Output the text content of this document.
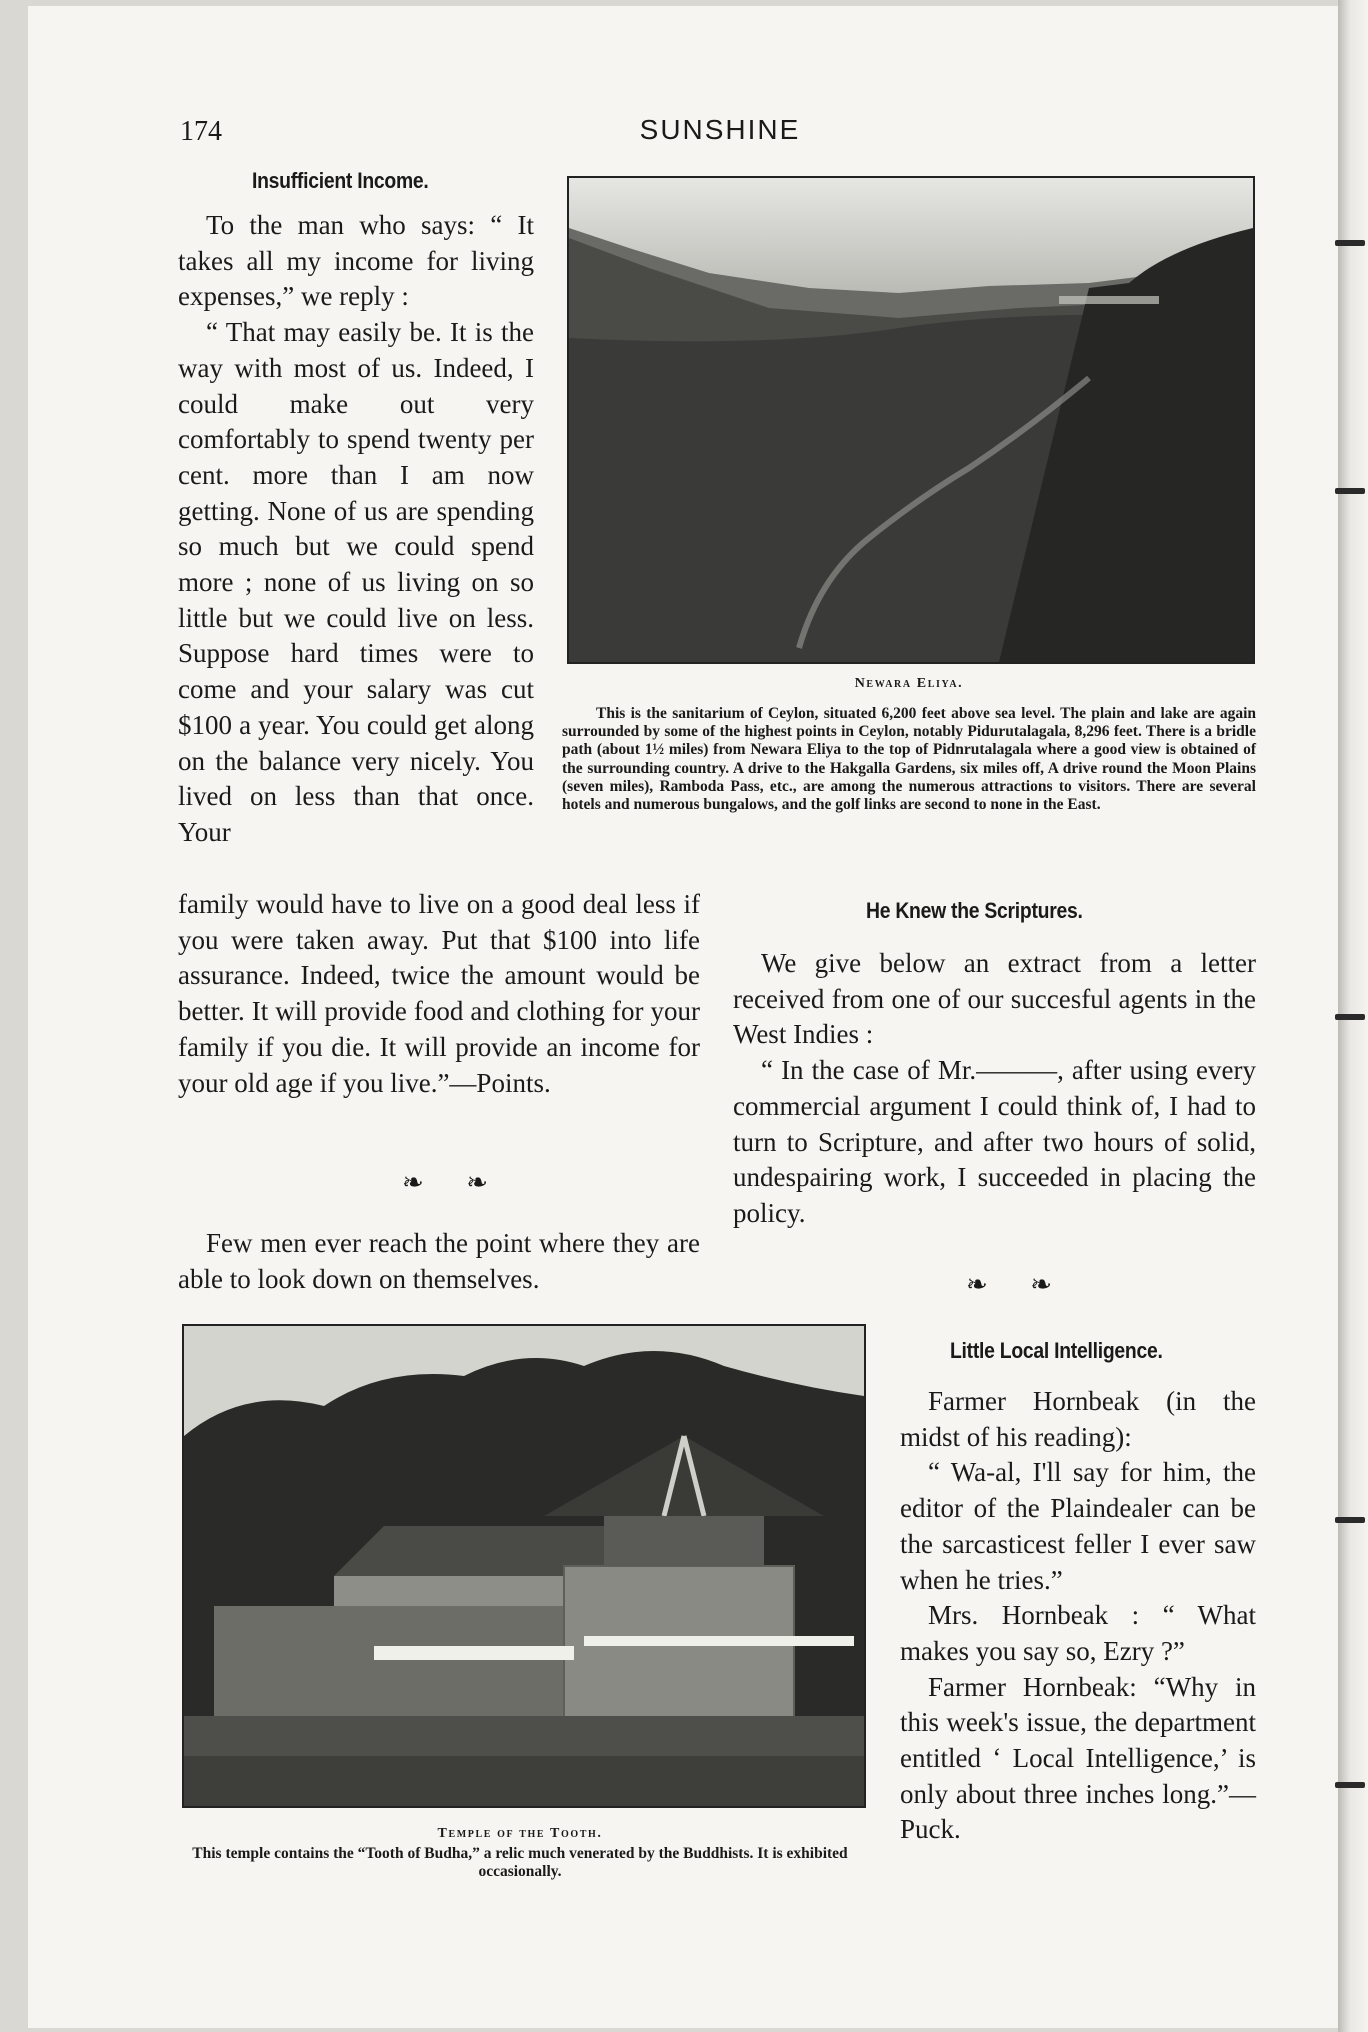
174	SUNSHINE
Insufficient Income.

To the man who says: “ It takes all my income for living expenses,” we reply :

“ That may easily be. It is the way with most of us. Indeed, I could make out very comfortably to spend twenty per cent. more than I am now getting. None of us are spending so much but we could spend more ; none of us living on so little but we could live on less. Suppose hard times were to come and your salary was cut $100 a year. You could get along on the balance very nicely. You lived on less than that once. Your

family would have to live on a good deal less if you were taken away. Put that $100 into life assurance. Indeed, twice the amount would be better. It will provide food and clothing for your family if you die. It will provide an income for your old age if you live.”—Points.

❧ ❧

Few men ever reach the point where they are able to look down on themselves.

Newara Eliya.
This is the sanitarium of Ceylon, situated 6,200 feet above sea level. The plain and lake are again surrounded by some of the highest points in Ceylon, notably Pidurutalagala, 8,296 feet. There is a bridle path (about 1½ miles) from Newara Eliya to the top of Pidnrutalagala where a good view is obtained of the surrounding country. A drive to the Hakgalla Gardens, six miles off, A drive round the Moon Plains (seven miles), Ramboda Pass, etc., are among the numerous attractions to visitors. There are several hotels and numerous bungalows, and the golf links are second to none in the East.
He Knew the Scriptures.

We give below an extract from a letter received from one of our succesful agents in the West Indies :

“ In the case of Mr.———, after using every commercial argument I could think of, I had to turn to Scripture, and after two hours of solid, undespairing work, I succeeded in placing the policy.

❧ ❧
Temple of the Tooth.
This temple contains the “Tooth of Budha,” a relic much venerated by the Buddhists. It is exhibited occasionally.
Little Local Intelligence.

Farmer Hornbeak (in the midst of his reading):

“ Wa-al, I'll say for him, the editor of the Plaindealer can be the sarcasticest feller I ever saw when he tries.”

Mrs. Hornbeak : “ What makes you say so, Ezry ?”

Farmer Hornbeak: “Why in this week's issue, the department entitled ‘ Local Intelligence,’ is only about three inches long.”—Puck.
